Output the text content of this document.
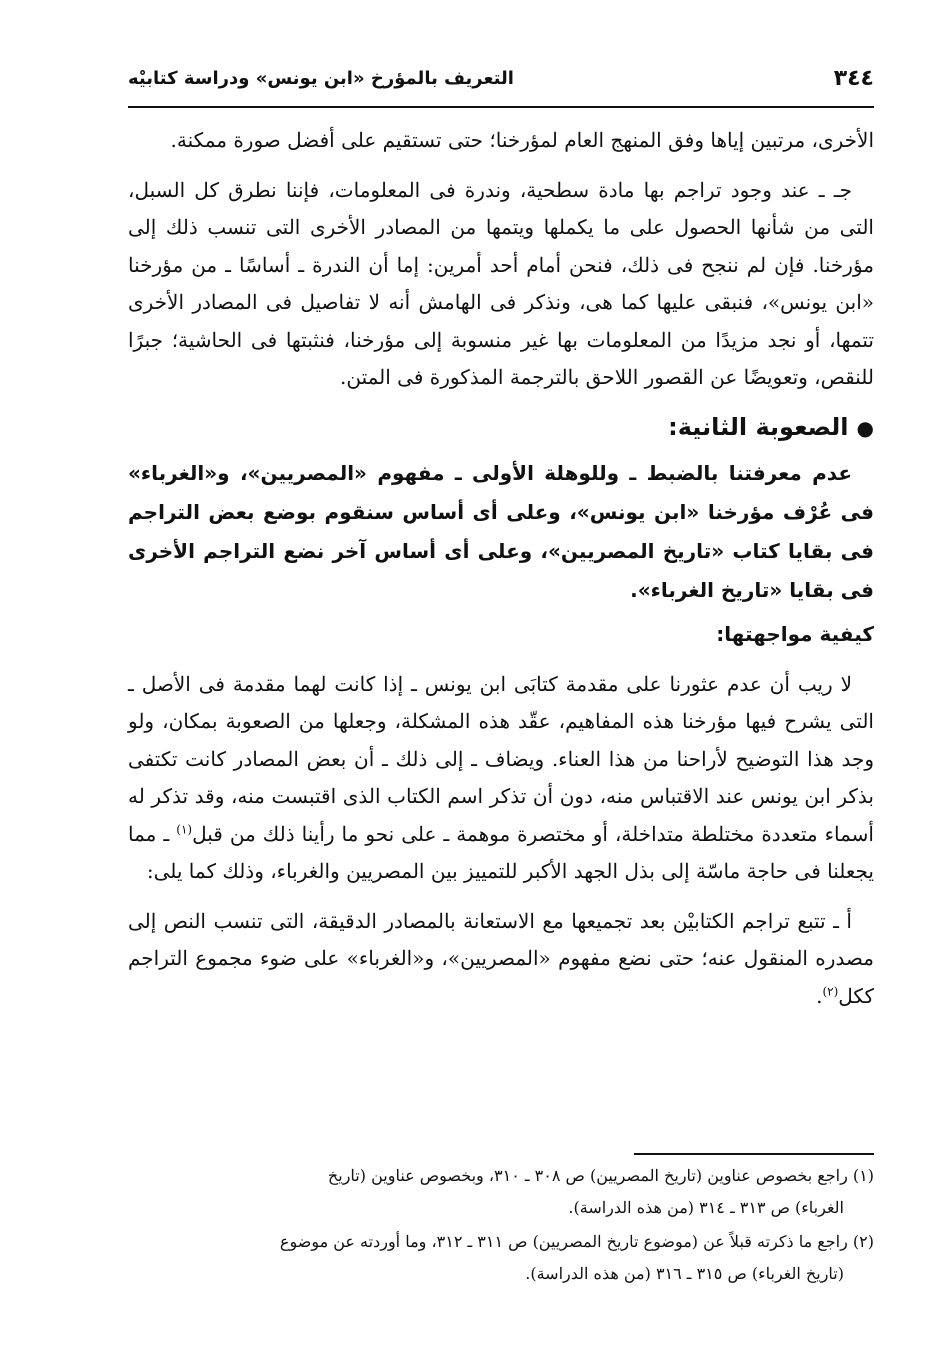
٣٤٤
التعريف بالمؤرخ «ابن يونس» ودراسة كتابيْه

الأخرى، مرتبين إياها وفق المنهج العام لمؤرخنا؛ حتى تستقيم على أفضل صورة ممكنة.

جـ ـ عند وجود تراجم بها مادة سطحية، وندرة فى المعلومات، فإننا نطرق كل السبل، التى من شأنها الحصول على ما يكملها ويتمها من المصادر الأخرى التى تنسب ذلك إلى مؤرخنا. فإن لم ننجح فى ذلك، فنحن أمام أحد أمرين: إما أن الندرة ـ أساسًا ـ من مؤرخنا «ابن يونس»، فنبقى عليها كما هى، ونذكر فى الهامش أنه لا تفاصيل فى المصادر الأخرى تتمها، أو نجد مزيدًا من المعلومات بها غير منسوبة إلى مؤرخنا، فنثبتها فى الحاشية؛ جبرًا للنقص، وتعويضًا عن القصور اللاحق بالترجمة المذكورة فى المتن.

●الصعوبة الثانية:

عدم معرفتنا بالضبط ـ وللوهلة الأولى ـ مفهوم «المصريين»، و«الغرباء» فى عُرْف مؤرخنا «ابن يونس»، وعلى أى أساس سنقوم بوضع بعض التراجم فى بقايا كتاب «تاريخ المصريين»، وعلى أى أساس آخر نضع التراجم الأخرى فى بقايا «تاريخ الغرباء».

كيفية مواجهتها:

لا ريب أن عدم عثورنا على مقدمة كتابَى ابن يونس ـ إذا كانت لهما مقدمة فى الأصل ـ التى يشرح فيها مؤرخنا هذه المفاهيم، عقّد هذه المشكلة، وجعلها من الصعوبة بمكان، ولو وجد هذا التوضيح لأراحنا من هذا العناء. ويضاف ـ إلى ذلك ـ أن بعض المصادر كانت تكتفى بذكر ابن يونس عند الاقتباس منه، دون أن تذكر اسم الكتاب الذى اقتبست منه، وقد تذكر له أسماء متعددة مختلطة متداخلة، أو مختصرة موهمة ـ على نحو ما رأينا ذلك من قبل$^{(١)}$ ـ مما يجعلنا فى حاجة ماسّة إلى بذل الجهد الأكبر للتمييز بين المصريين والغرباء، وذلك كما يلى:

أ ـ تتبع تراجم الكتابيْن بعد تجميعها مع الاستعانة بالمصادر الدقيقة، التى تنسب النص إلى مصدره المنقول عنه؛ حتى نضع مفهوم «المصريين»، و«الغرباء» على ضوء مجموع التراجم ككل$^{(٢)}$.

(١) راجع بخصوص عناوين (تاريخ المصريين) ص ٣٠٨ ـ ٣١٠، وبخصوص عناوين (تاريخ

الغرباء) ص ٣١٣ ـ ٣١٤ (من هذه الدراسة).

(٢) راجع ما ذكرته قبلاً عن (موضوع تاريخ المصريين) ص ٣١١ ـ ٣١٢، وما أوردته عن موضوع

(تاريخ الغرباء) ص ٣١٥ ـ ٣١٦ (من هذه الدراسة).
